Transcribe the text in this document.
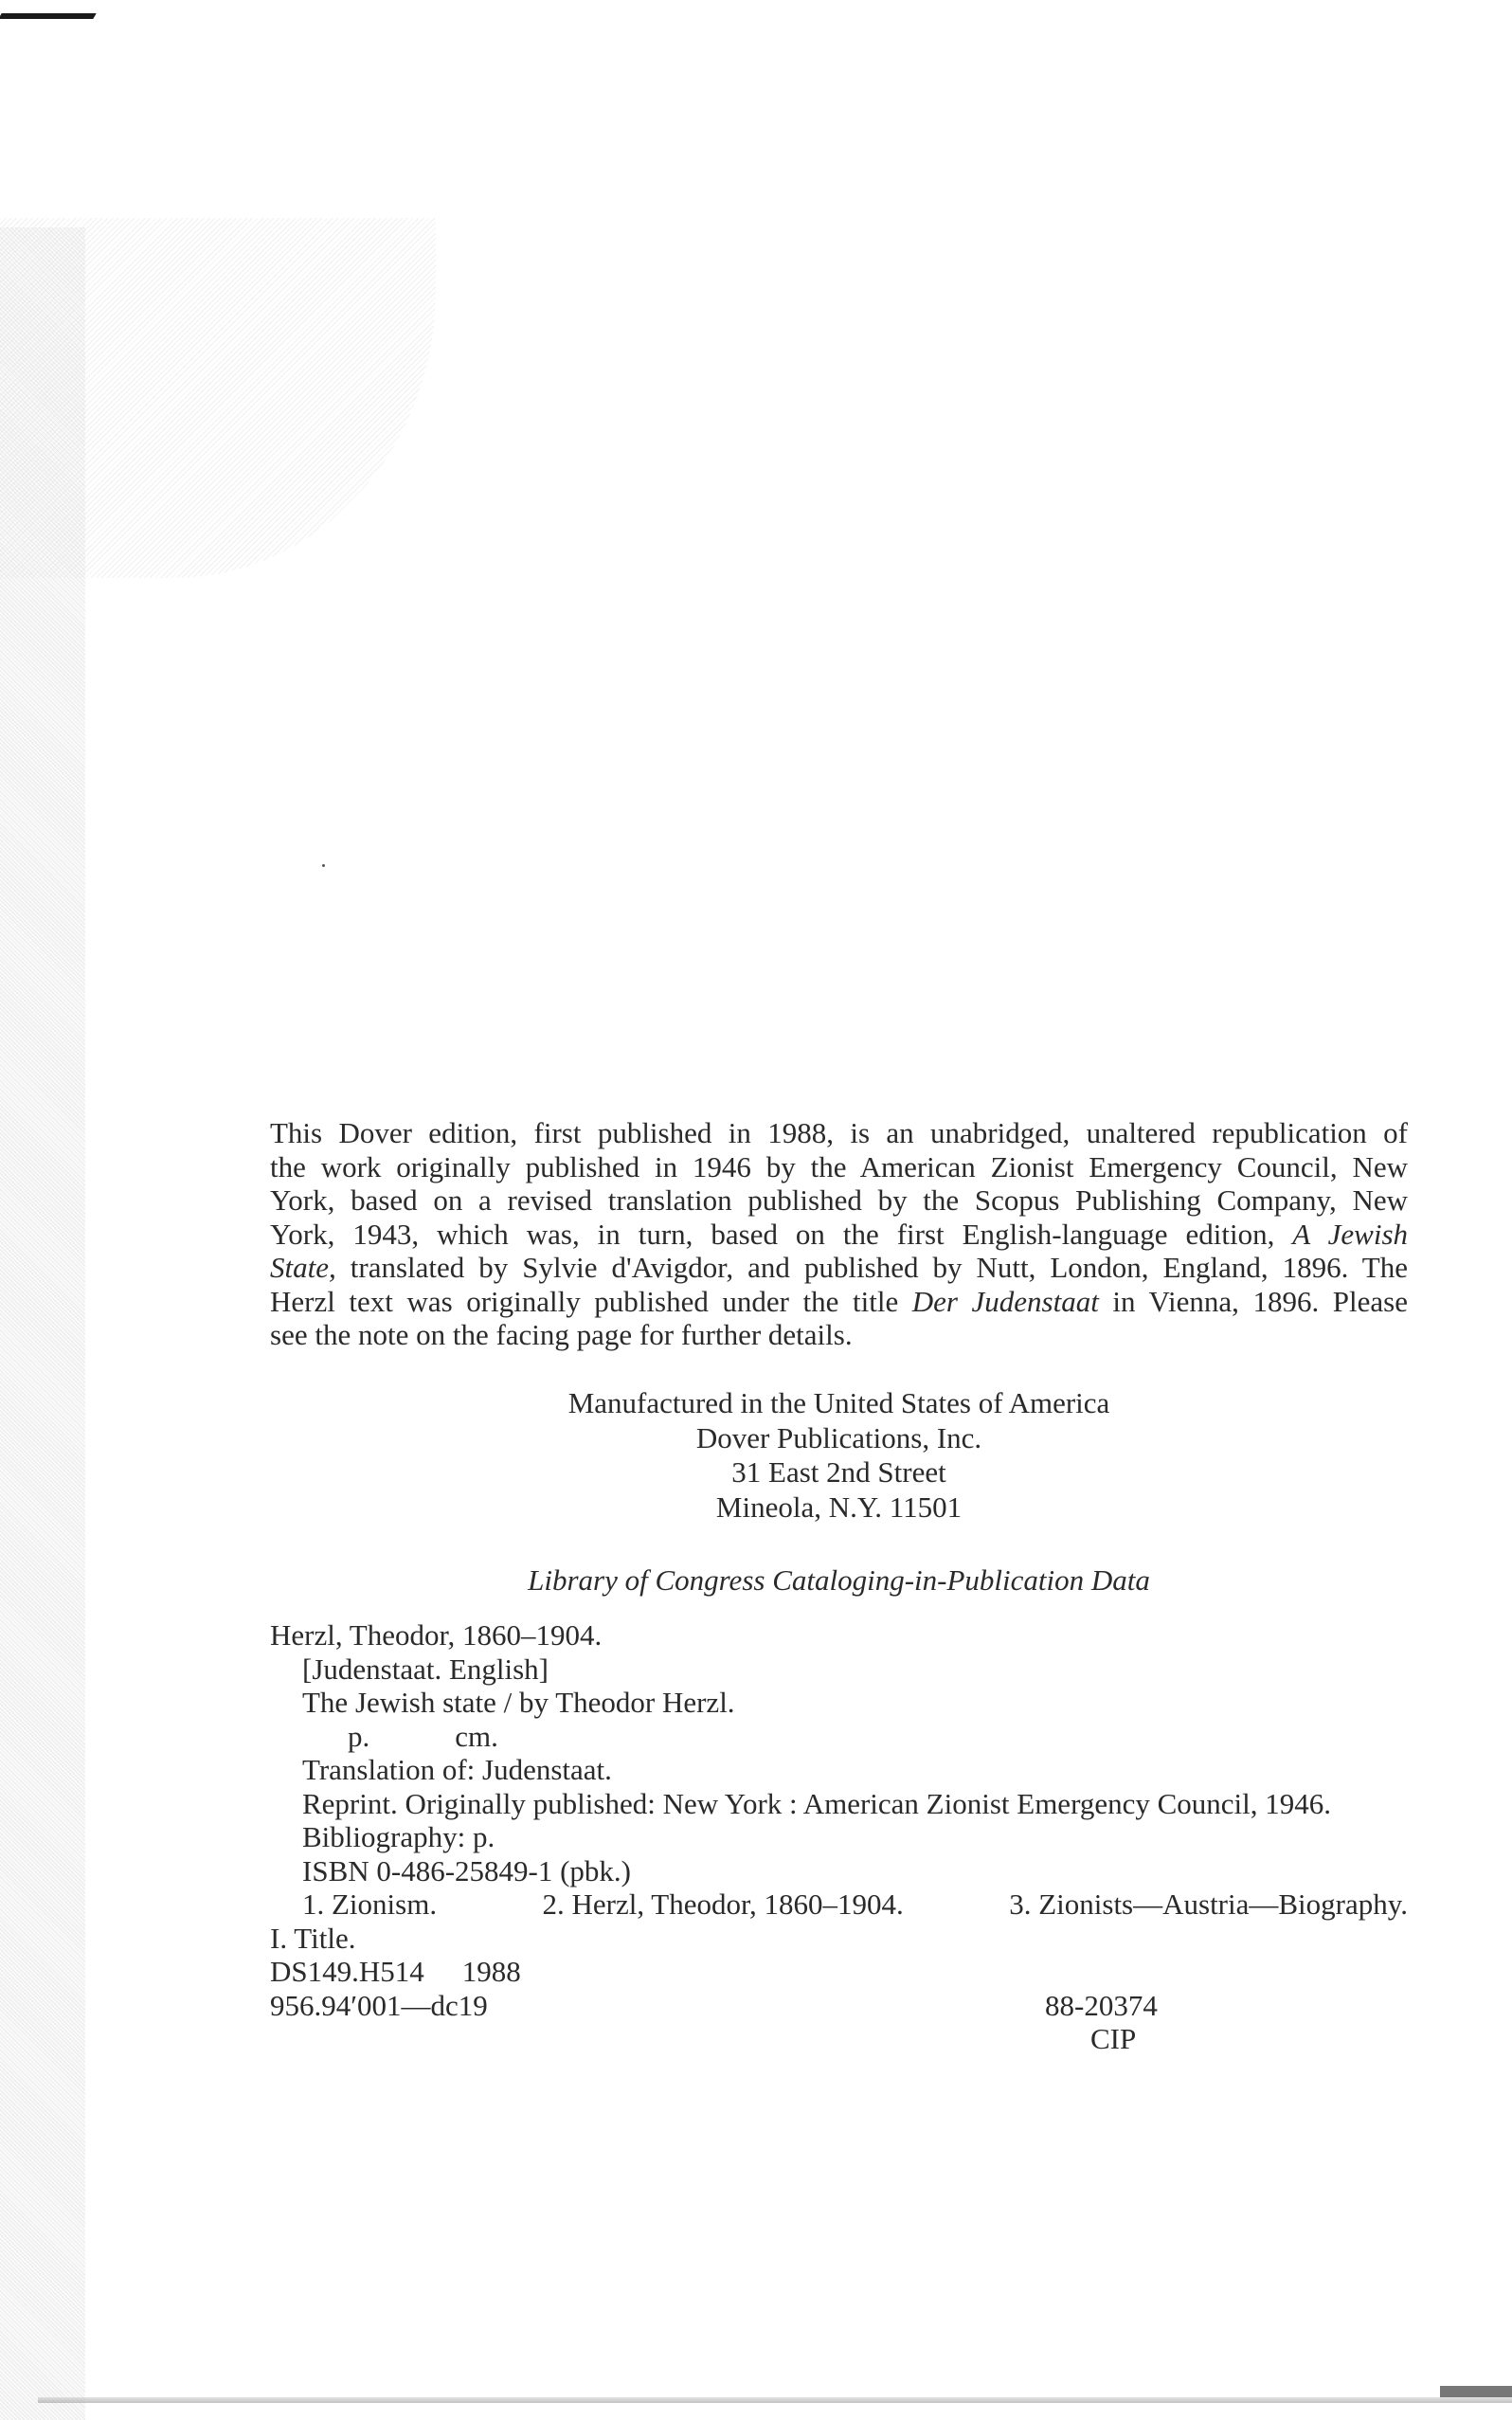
This Dover edition, first published in 1988, is an unabridged, unaltered republication of
the work originally published in 1946 by the American Zionist Emergency Council, New
York, based on a revised translation published by the Scopus Publishing Company, New
York, 1943, which was, in turn, based on the first English-language edition, A Jewish
State, translated by Sylvie d'Avigdor, and published by Nutt, London, England, 1896. The
Herzl text was originally published under the title Der Judenstaat in Vienna, 1896. Please
see the note on the facing page for further details.
Manufactured in the United States of America
Dover Publications, Inc.
31 East 2nd Street
Mineola, N.Y. 11501
Library of Congress Cataloging-in-Publication Data
Herzl, Theodor, 1860–1904.
[Judenstaat. English]
The Jewish state / by Theodor Herzl.
p.	cm.
Translation of: Judenstaat.
Reprint. Originally published: New York : American Zionist Emergency Council, 1946.
Bibliography: p.
ISBN 0-486-25849-1 (pbk.)
1. Zionism.	2. Herzl, Theodor, 1860–1904.	3. Zionists—Austria—Biography.
I. Title.
DS149.H514 1988
956.94′001—dc19	88-20374
CIP
